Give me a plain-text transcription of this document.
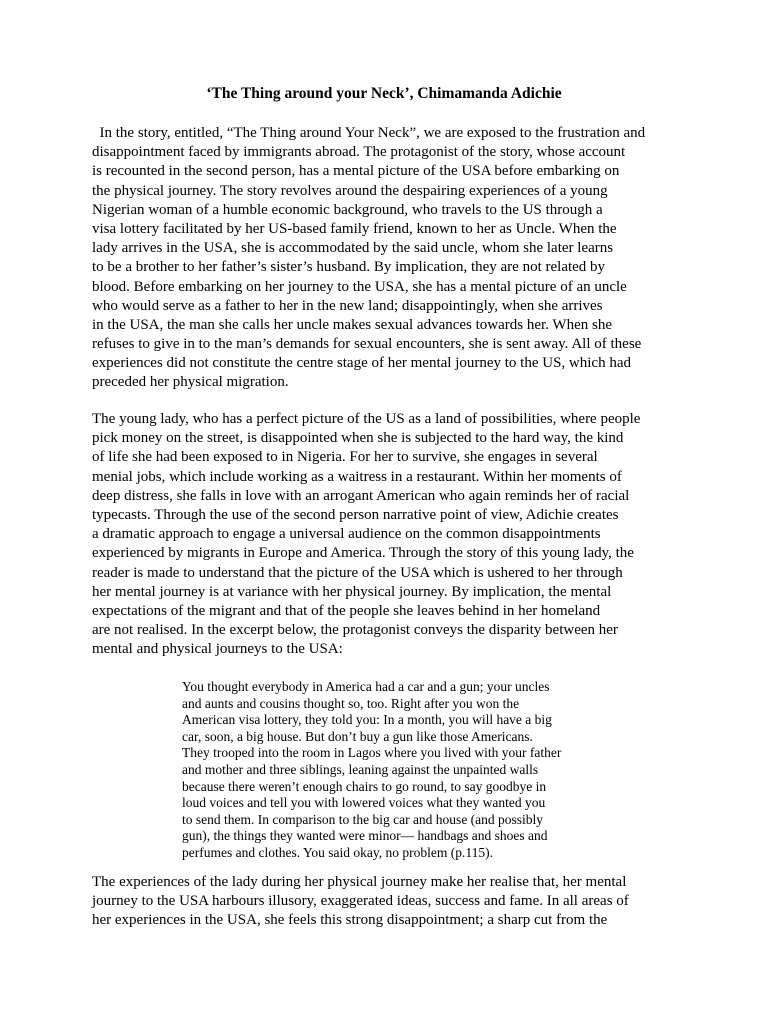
‘The Thing around your Neck’, Chimamanda Adichie
In the story, entitled, “The Thing around Your Neck”, we are exposed to the frustration and
disappointment faced by immigrants abroad. The protagonist of the story, whose account
is recounted in the second person, has a mental picture of the USA before embarking on
the physical journey. The story revolves around the despairing experiences of a young
Nigerian woman of a humble economic background, who travels to the US through a
visa lottery facilitated by her US-based family friend, known to her as Uncle. When the
lady arrives in the USA, she is accommodated by the said uncle, whom she later learns
to be a brother to her father’s sister’s husband. By implication, they are not related by
blood. Before embarking on her journey to the USA, she has a mental picture of an uncle
who would serve as a father to her in the new land; disappointingly, when she arrives
in the USA, the man she calls her uncle makes sexual advances towards her. When she
refuses to give in to the man’s demands for sexual encounters, she is sent away. All of these
experiences did not constitute the centre stage of her mental journey to the US, which had
preceded her physical migration.
The young lady, who has a perfect picture of the US as a land of possibilities, where people
pick money on the street, is disappointed when she is subjected to the hard way, the kind
of life she had been exposed to in Nigeria. For her to survive, she engages in several
menial jobs, which include working as a waitress in a restaurant. Within her moments of
deep distress, she falls in love with an arrogant American who again reminds her of racial
typecasts. Through the use of the second person narrative point of view, Adichie creates
a dramatic approach to engage a universal audience on the common disappointments
experienced by migrants in Europe and America. Through the story of this young lady, the
reader is made to understand that the picture of the USA which is ushered to her through
her mental journey is at variance with her physical journey. By implication, the mental
expectations of the migrant and that of the people she leaves behind in her homeland
are not realised. In the excerpt below, the protagonist conveys the disparity between her
mental and physical journeys to the USA:
You thought everybody in America had a car and a gun; your uncles
and aunts and cousins thought so, too. Right after you won the
American visa lottery, they told you: In a month, you will have a big
car, soon, a big house. But don’t buy a gun like those Americans.
They trooped into the room in Lagos where you lived with your father
and mother and three siblings, leaning against the unpainted walls
because there weren’t enough chairs to go round, to say goodbye in
loud voices and tell you with lowered voices what they wanted you
to send them. In comparison to the big car and house (and possibly
gun), the things they wanted were minor— handbags and shoes and
perfumes and clothes. You said okay, no problem (p.115).
The experiences of the lady during her physical journey make her realise that, her mental
journey to the USA harbours illusory, exaggerated ideas, success and fame. In all areas of
her experiences in the USA, she feels this strong disappointment; a sharp cut from the
